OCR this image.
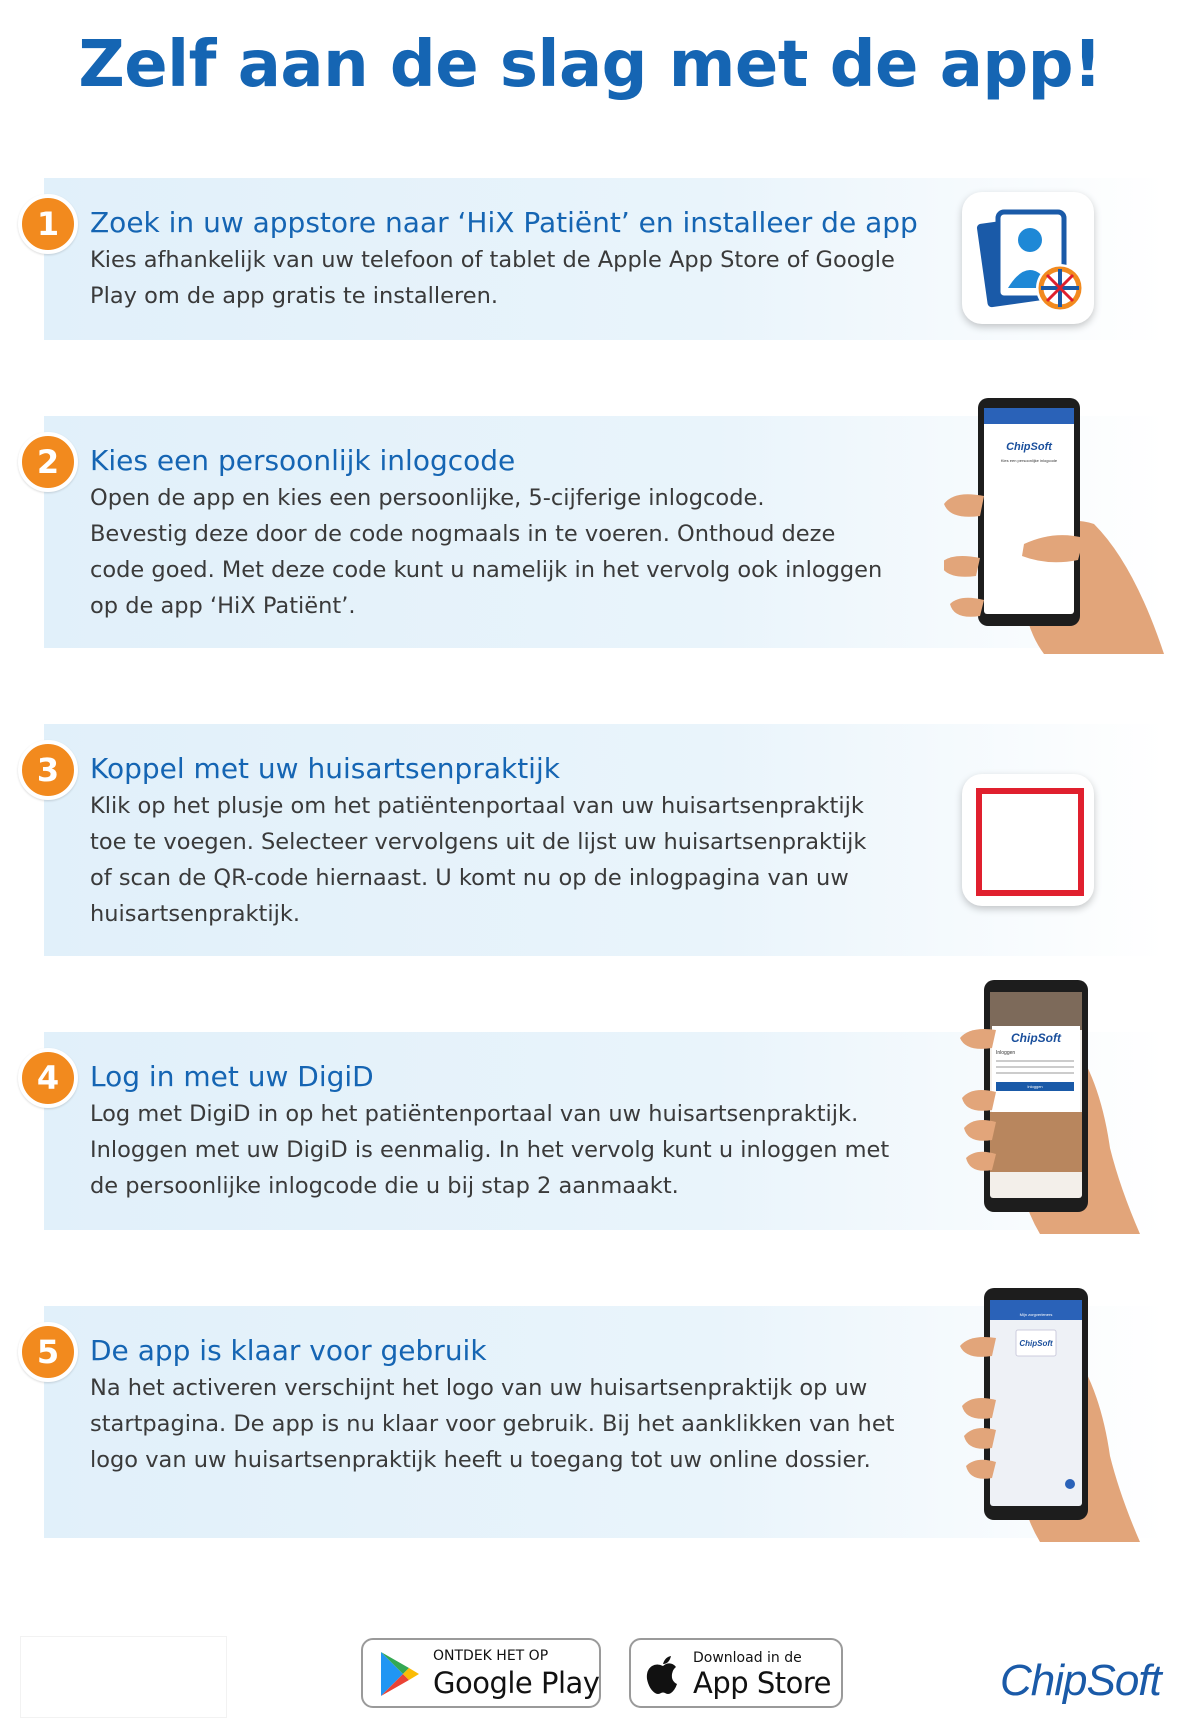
Zelf aan de slag met de app!
1	Zoek in uw appstore naar ‘HiX Patiënt’ en installeer de app
Kies afhankelijk van uw telefoon of tablet de Apple App Store of Google
Play om de app gratis te installeren.
2	Kies een persoonlijk inlogcode
Open de app en kies een persoonlijke, 5-cijferige inlogcode.
Bevestig deze door de code nogmaals in te voeren. Onthoud deze
code goed. Met deze code kunt u namelijk in het vervolg ook inloggen
op de app ‘HiX Patiënt’.
ChipSoft
Kies een persoonlijke inlogcode
3	Koppel met uw huisartsenpraktijk
Klik op het plusje om het patiëntenportaal van uw huisartsenpraktijk
toe te voegen. Selecteer vervolgens uit de lijst uw huisartsenpraktijk
of scan de QR-code hiernaast. U komt nu op de inlogpagina van uw
huisartsenpraktijk.
4	Log in met uw DigiD
Log met DigiD in op het patiëntenportaal van uw huisartsenpraktijk.
Inloggen met uw DigiD is eenmalig. In het vervolg kunt u inloggen met
de persoonlijke inlogcode die u bij stap 2 aanmaakt.
ChipSoft
Inloggen
Inloggen
5	De app is klaar voor gebruik
Na het activeren verschijnt het logo van uw huisartsenpraktijk op uw
startpagina. De app is nu klaar voor gebruik. Bij het aanklikken van het
logo van uw huisartsenpraktijk heeft u toegang tot uw online dossier.
Mijn zorgverleners
ChipSoft
ONTDEK HET OP
Google Play
Download in de
App Store	ChipSoft
